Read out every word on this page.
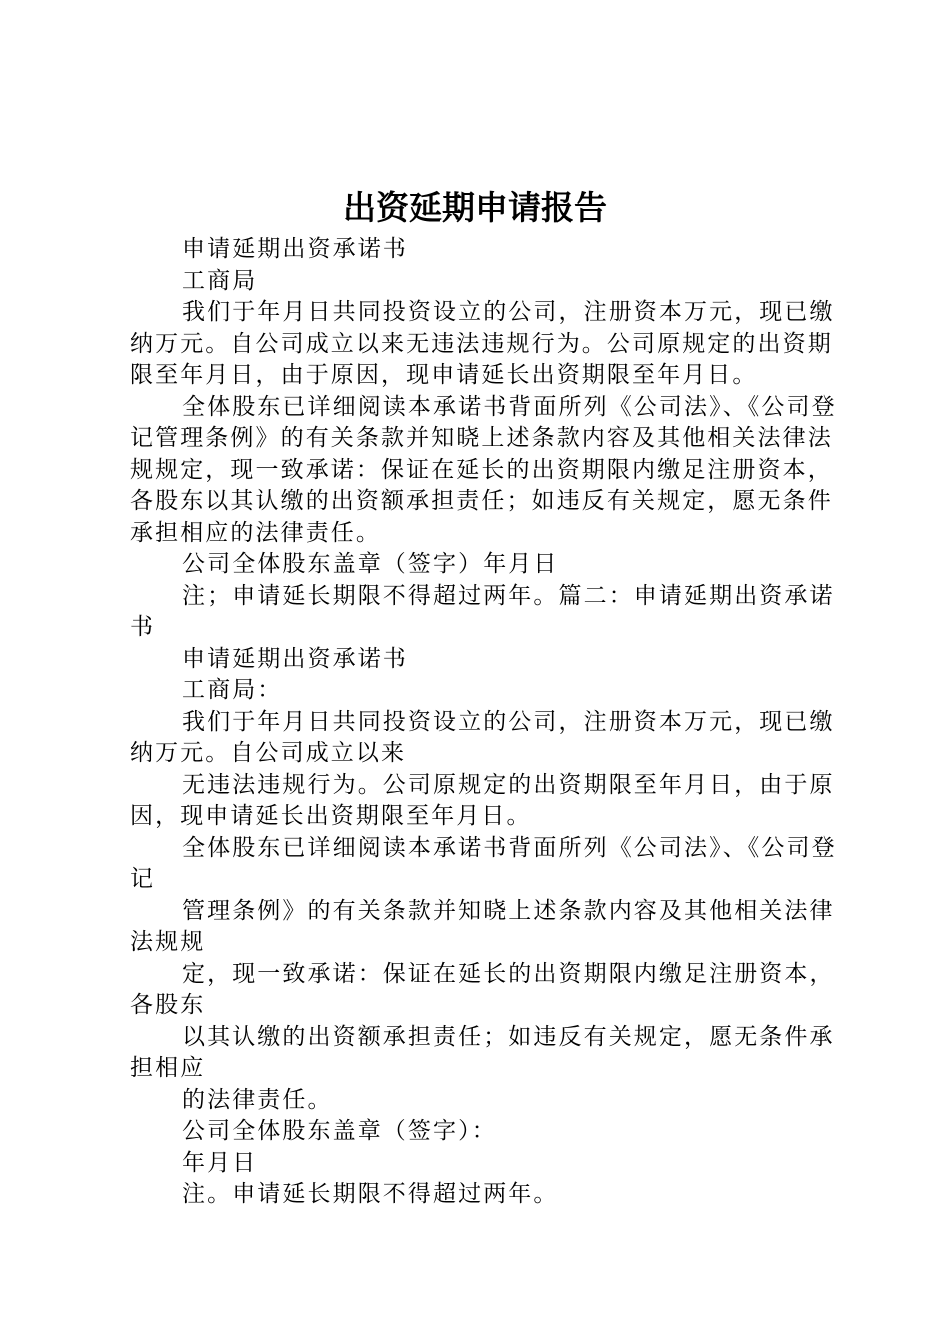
出资延期申请报告

申请延期出资承诺书

工商局

我们于年月日共同投资设立的公司，注册资本万元，现已缴纳万元。自公司成立以来无违法违规行为。公司原规定的出资期限至年月日，由于原因，现申请延长出资期限至年月日。

全体股东已详细阅读本承诺书背面所列《公司法》、《公司登记管理条例》的有关条款并知晓上述条款内容及其他相关法律法规规定，现一致承诺：保证在延长的出资期限内缴足注册资本，各股东以其认缴的出资额承担责任；如违反有关规定，愿无条件承担相应的法律责任。

公司全体股东盖章（签字）年月日

注；申请延长期限不得超过两年。篇二：申请延期出资承诺书

申请延期出资承诺书

工商局：

我们于年月日共同投资设立的公司，注册资本万元，现已缴纳万元。自公司成立以来

无违法违规行为。公司原规定的出资期限至年月日，由于原因，现申请延长出资期限至年月日。

全体股东已详细阅读本承诺书背面所列《公司法》、《公司登记

管理条例》的有关条款并知晓上述条款内容及其他相关法律法规规

定，现一致承诺：保证在延长的出资期限内缴足注册资本，各股东

以其认缴的出资额承担责任；如违反有关规定，愿无条件承担相应

的法律责任。

公司全体股东盖章（签字）：

年月日

注。申请延长期限不得超过两年。
